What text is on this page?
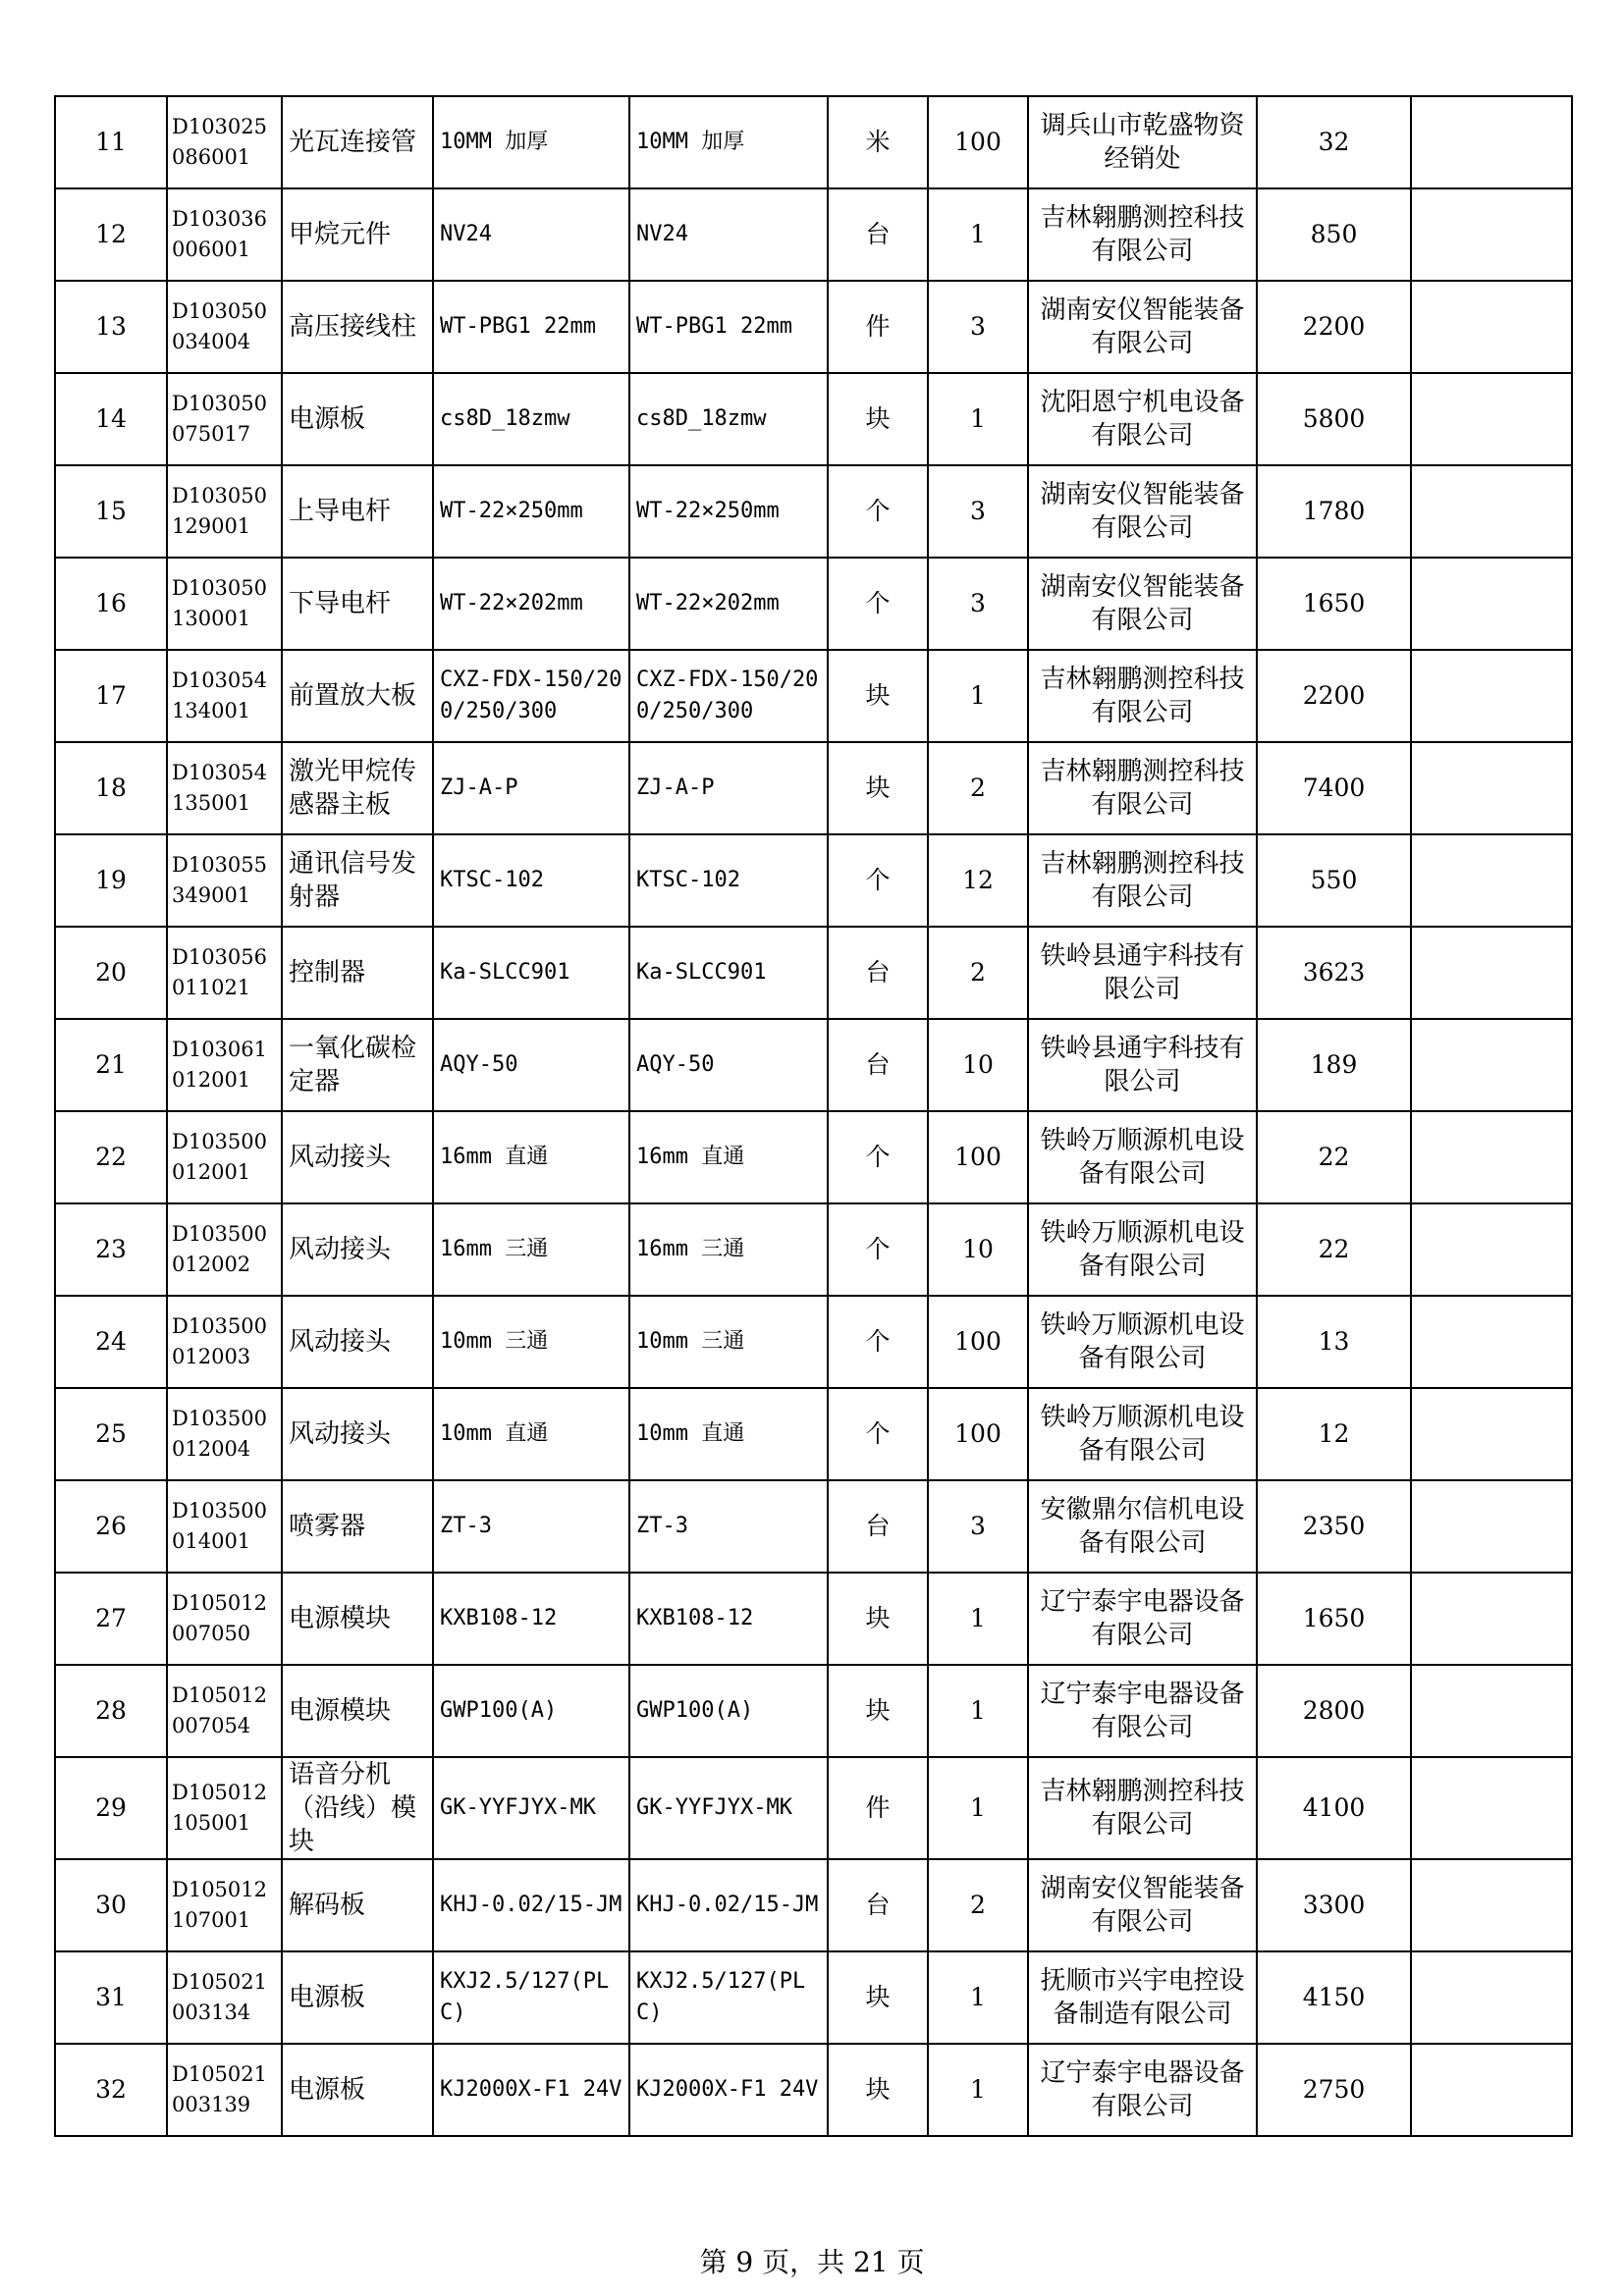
11	D103025086001	光瓦连接管	10MM 加厚	10MM 加厚	米	100	调兵山市乾盛物资经销处	32	
12	D103036006001	甲烷元件	NV24	NV24	台	1	吉林翱鹏测控科技有限公司	850	
13	D103050034004	高压接线柱	WT-PBG1 22mm	WT-PBG1 22mm	件	3	湖南安仪智能装备有限公司	2200	
14	D103050075017	电源板	cs8D_18zmw	cs8D_18zmw	块	1	沈阳恩宁机电设备有限公司	5800	
15	D103050129001	上导电杆	WT-22×250mm	WT-22×250mm	个	3	湖南安仪智能装备有限公司	1780	
16	D103050130001	下导电杆	WT-22×202mm	WT-22×202mm	个	3	湖南安仪智能装备有限公司	1650	
17	D103054134001	前置放大板	CXZ-FDX-150/200/250/300	CXZ-FDX-150/200/250/300	块	1	吉林翱鹏测控科技有限公司	2200	
18	D103054135001	激光甲烷传感器主板	ZJ-A-P	ZJ-A-P	块	2	吉林翱鹏测控科技有限公司	7400	
19	D103055349001	通讯信号发射器	KTSC-102	KTSC-102	个	12	吉林翱鹏测控科技有限公司	550	
20	D103056011021	控制器	Ka-SLCC901	Ka-SLCC901	台	2	铁岭县通宇科技有限公司	3623	
21	D103061012001	一氧化碳检定器	AQY-50	AQY-50	台	10	铁岭县通宇科技有限公司	189	
22	D103500012001	风动接头	16mm 直通	16mm 直通	个	100	铁岭万顺源机电设备有限公司	22	
23	D103500012002	风动接头	16mm 三通	16mm 三通	个	10	铁岭万顺源机电设备有限公司	22	
24	D103500012003	风动接头	10mm 三通	10mm 三通	个	100	铁岭万顺源机电设备有限公司	13	
25	D103500012004	风动接头	10mm 直通	10mm 直通	个	100	铁岭万顺源机电设备有限公司	12	
26	D103500014001	喷雾器	ZT-3	ZT-3	台	3	安徽鼎尔信机电设备有限公司	2350	
27	D105012007050	电源模块	KXB108-12	KXB108-12	块	1	辽宁泰宇电器设备有限公司	1650	
28	D105012007054	电源模块	GWP100(A)	GWP100(A)	块	1	辽宁泰宇电器设备有限公司	2800	
29	D105012105001	语音分机（沿线）模块	GK-YYFJYX-MK	GK-YYFJYX-MK	件	1	吉林翱鹏测控科技有限公司	4100	
30	D105012107001	解码板	KHJ-0.02/15-JM	KHJ-0.02/15-JM	台	2	湖南安仪智能装备有限公司	3300	
31	D105021003134	电源板	KXJ2.5/127(PLC)	KXJ2.5/127(PLC)	块	1	抚顺市兴宇电控设备制造有限公司	4150	
32	D105021003139	电源板	KJ2000X-F1 24V	KJ2000X-F1 24V	块	1	辽宁泰宇电器设备有限公司	2750	
第 9 页，共 21 页
